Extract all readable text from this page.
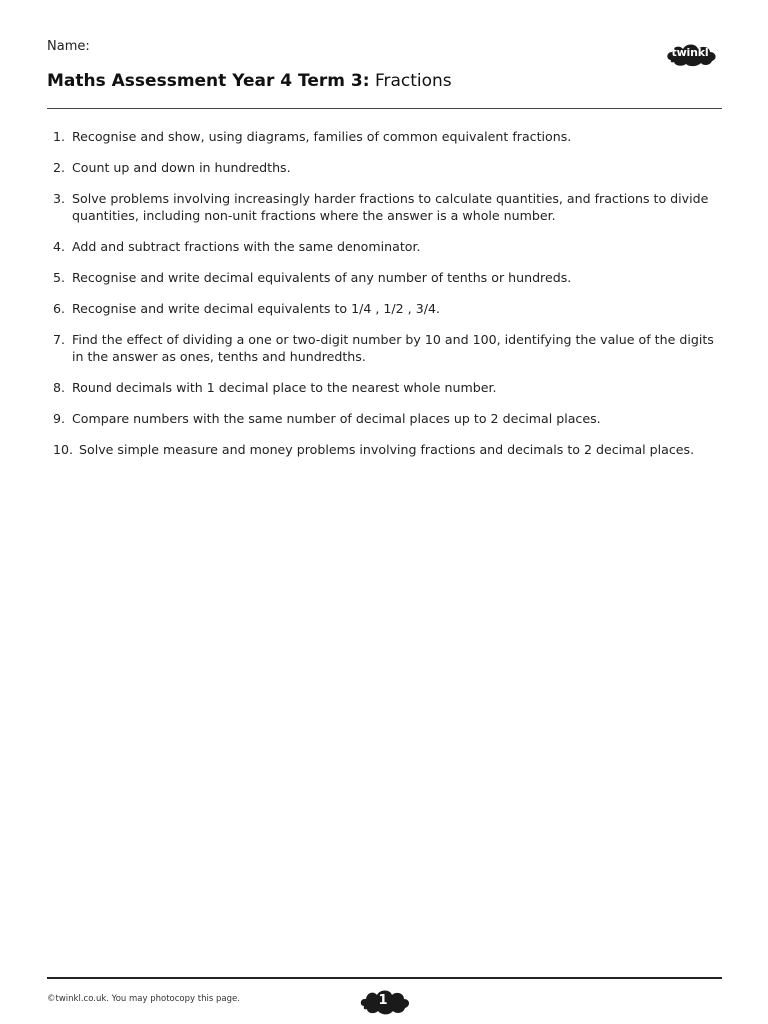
Name:	twinkl
Maths Assessment Year 4 Term 3: Fractions
1. Recognise and show, using diagrams, families of common equivalent fractions.
2. Count up and down in hundredths.
3. Solve problems involving increasingly harder fractions to calculate quantities, and fractions to divide quantities, including non-unit fractions where the answer is a whole number.
4. Add and subtract fractions with the same denominator.
5. Recognise and write decimal equivalents of any number of tenths or hundreds.
6. Recognise and write decimal equivalents to 1/4 , 1/2 , 3/4.
7. Find the effect of dividing a one or two-digit number by 10 and 100, identifying the value of the digits in the answer as ones, tenths and hundredths.
8. Round decimals with 1 decimal place to the nearest whole number.
9. Compare numbers with the same number of decimal places up to 2 decimal places.
10. Solve simple measure and money problems involving fractions and decimals to 2 decimal places.
©twinkl.co.uk. You may photocopy this page.	1
